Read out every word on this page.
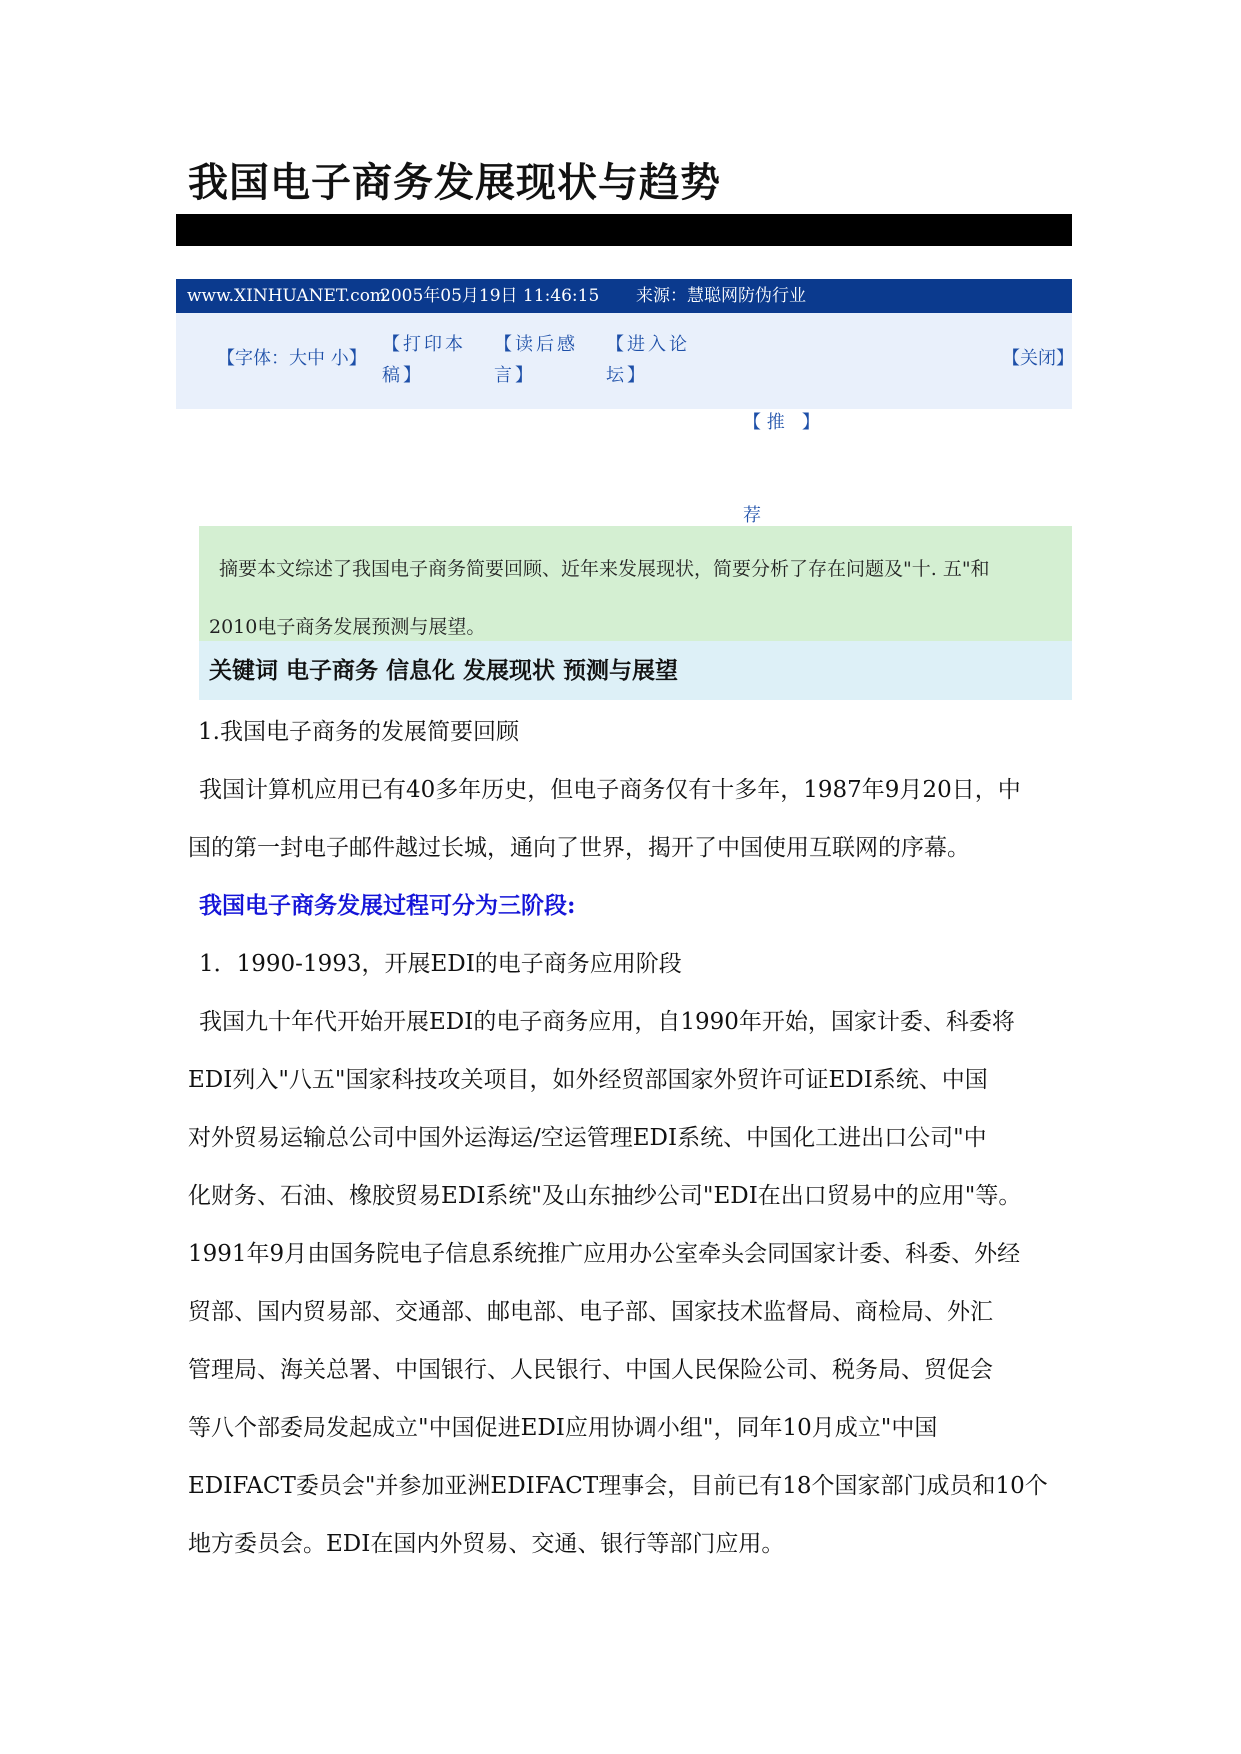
我国电子商务发展现状与趋势
www.XINHUANET.com
2005年05月19日 11:46:15 来源：慧聪网防伪行业
【字体：大中 小】
【打印本
稿】
【读后感
言】
【进入论
坛】

【 推   】

荐

【关闭】
摘要本文综述了我国电子商务简要回顾、近年来发展现状，简要分析了存在问题及"十. 五"和
2010电子商务发展预测与展望。
关键词 电子商务 信息化 发展现状 预测与展望
1.我国电子商务的发展简要回顾
我国计算机应用已有40多年历史，但电子商务仅有十多年，1987年9月20日，中
国的第一封电子邮件越过长城，通向了世界，揭开了中国使用互联网的序幕。
我国电子商务发展过程可分为三阶段:
1．1990-1993，开展EDI的电子商务应用阶段
我国九十年代开始开展EDI的电子商务应用，自1990年开始，国家计委、科委将
EDI列入"八五"国家科技攻关项目，如外经贸部国家外贸许可证EDI系统、中国
对外贸易运输总公司中国外运海运/空运管理EDI系统、中国化工进出口公司"中
化财务、石油、橡胶贸易EDI系统"及山东抽纱公司"EDI在出口贸易中的应用"等。
1991年9月由国务院电子信息系统推广应用办公室牵头会同国家计委、科委、外经
贸部、国内贸易部、交通部、邮电部、电子部、国家技术监督局、商检局、外汇
管理局、海关总署、中国银行、人民银行、中国人民保险公司、税务局、贸促会
等八个部委局发起成立"中国促进EDI应用协调小组"，同年10月成立"中国
EDIFACT委员会"并参加亚洲EDIFACT理事会，目前已有18个国家部门成员和10个
地方委员会。EDI在国内外贸易、交通、银行等部门应用。
